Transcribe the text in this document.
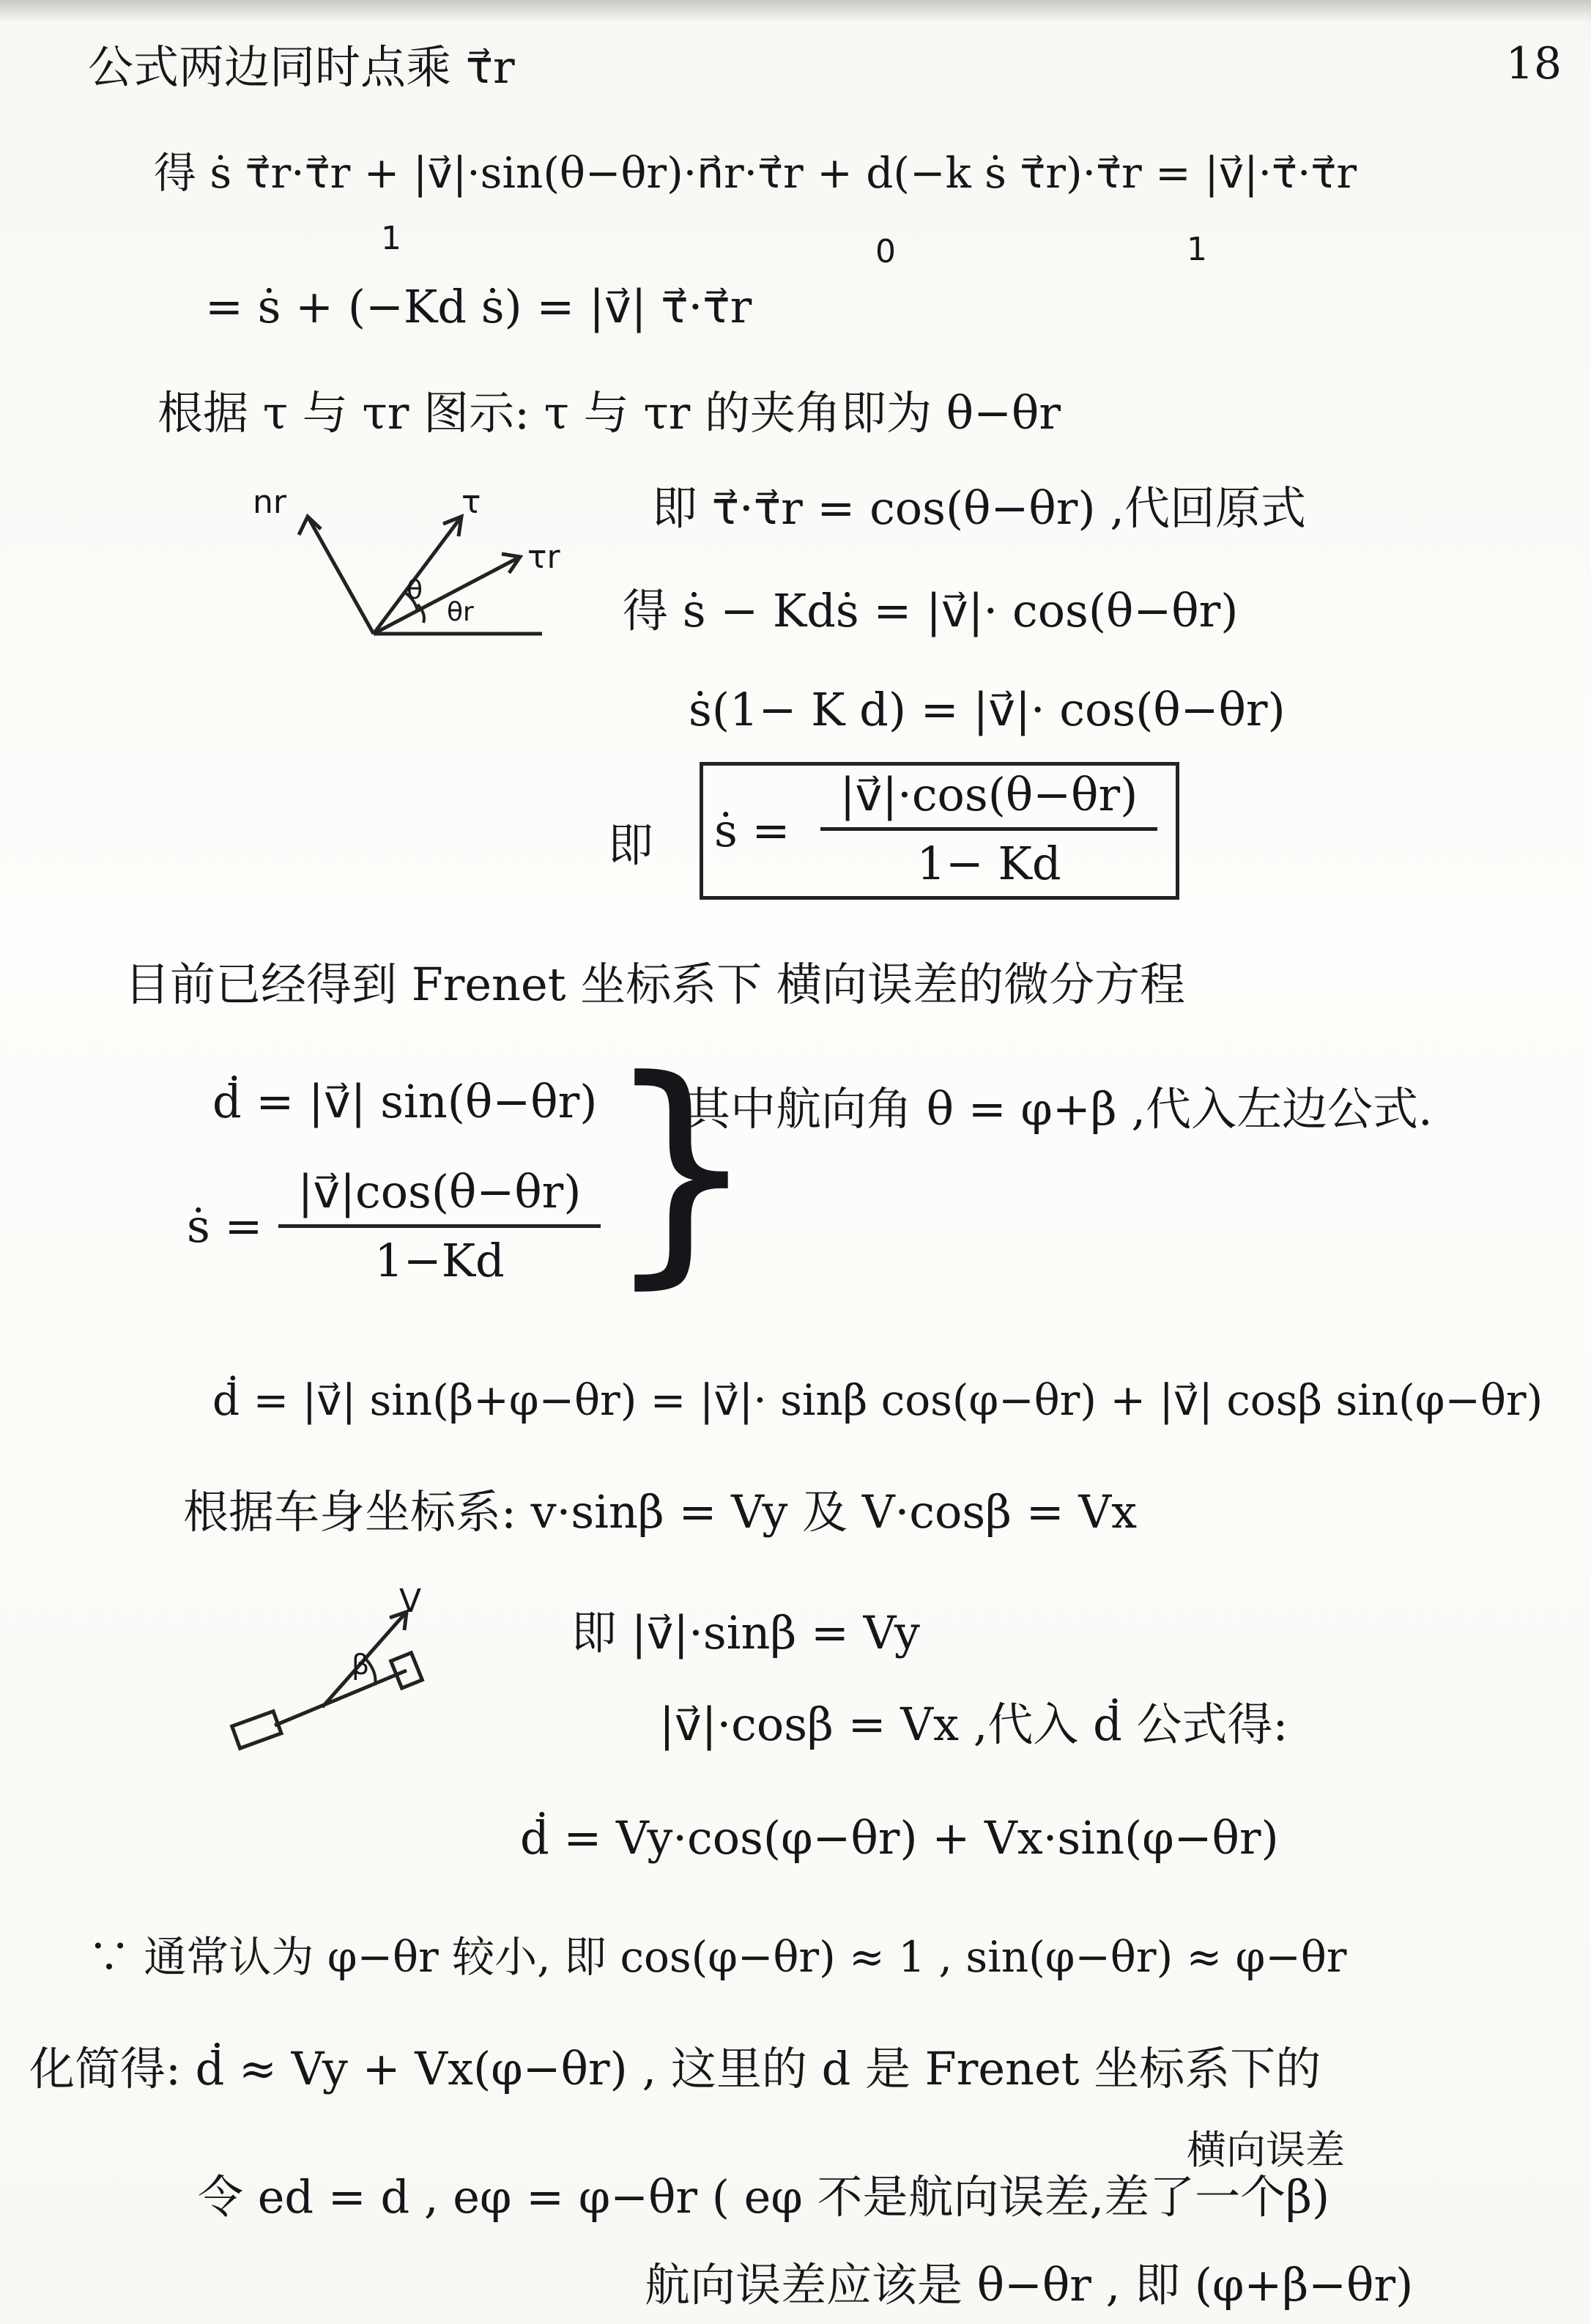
18
公式两边同时点乘 τ⃗r
得 ṡ τ⃗r·τ⃗r + |v⃗|·sin(θ−θr)·n⃗r·τ⃗r + d(−k ṡ τ⃗r)·τ⃗r = |v⃗|·τ⃗·τ⃗r
1	0	1
= ṡ + (−Kd ṡ) = |v⃗| τ⃗·τ⃗r
根据 τ 与 τr 图示: τ 与 τr 的夹角即为 θ−θr
nr	τ
τr
θ
θr
即 τ⃗·τ⃗r = cos(θ−θr) ,代回原式
得 ṡ − Kdṡ = |v⃗|· cos(θ−θr)
ṡ(1− K d) = |v⃗|· cos(θ−θr)
即 ṡ =
|v⃗|·cos(θ−θr)
1− Kd
目前已经得到 Frenet 坐标系下 横向误差的微分方程
ḋ = |v⃗| sin(θ−θr)
ṡ =
|v⃗|cos(θ−θr)
1−Kd }
其中航向角 θ = φ+β ,代入左边公式.
ḋ = |v⃗| sin(β+φ−θr) = |v⃗|· sinβ cos(φ−θr) + |v⃗| cosβ sin(φ−θr)
根据车身坐标系: v·sinβ = Vy 及 V·cosβ = Vx
V
β
即 |v⃗|·sinβ = Vy
|v⃗|·cosβ = Vx ,代入 ḋ 公式得:
ḋ = Vy·cos(φ−θr) + Vx·sin(φ−θr)
∵ 通常认为 φ−θr 较小, 即 cos(φ−θr) ≈ 1 , sin(φ−θr) ≈ φ−θr
化简得: ḋ ≈ Vy + Vx(φ−θr) , 这里的 d 是 Frenet 坐标系下的
横向误差
令 ed = d , eφ = φ−θr ( eφ 不是航向误差,差了一个β)
航向误差应该是 θ−θr , 即 (φ+β−θr)
